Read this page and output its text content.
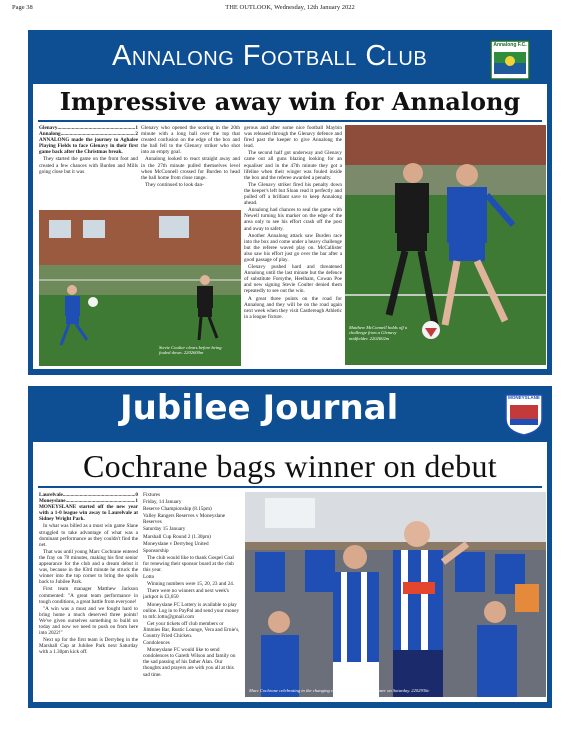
Page 38	THE OUTLOOK, Wednesday, 12th January 2022
Annalong Football Club	Annalong F.C.
Impressive away win for Annalong
Glenavy .....	1
Annalong .....	2

ANNALONG made the journey to Aghalee Playing Fields to face Glenavy in their first game back after the Christmas break.

They started the game on the front foot and created a few chances with Burden and Mills going close but it was

Glenavy who opened the scoring in the 20th minute with a long ball over the top that created confusion on the edge of the box and the ball fell to the Glenavy striker who shot into an empty goal.

Annalong looked to react straight away and in the 27th minute pulled themselves level when McConnell crossed for Burden to head the ball home from close range.

They continued to look dan-

gerous and after some nice football Maybin was released through the Glenavy defence and fired past the keeper to give Annalong the lead.

The second half got underway and Glenavy came out all guns blazing looking for an equaliser and in the 47th minute they got a lifeline when their winger was fouled inside the box and the referee awarded a penalty.

The Glenavy striker fired his penalty down the keeper's left but Sloan read it perfectly and pulled off a brilliant save to keep Annalong ahead.

Annalong had chances to seal the game with Newell turning his marker on the edge of the area only to see his effort crash off the post and away to safety.

Another Annalong attack saw Burden race into the box and come under a heavy challenge but the referee waved play on. McCallister also saw his effort just go over the bar after a good passage of play.

Glenavy pushed hard and threatened Annalong until the last minute but the defence of substitute Forsythe, Heelham, Cowan Poe and new signing Stevie Coulter denied them repeatedly to see out the win.

A great three points on the road for Annalong and they will be on the road again next week when they visit Castlereagh Athletic in a league fixture.

Stevie Coulter clears before being fouled down. 2202600m
Matthew McConnell holds off a challenge from a Glenavy midfielder. 2202602m
Jubilee Journal	MONEYSLANE
JUBILEE
Cochrane bags winner on debut
Laurelvale .....	0
Moneyslane .....	1

MONEYSLANE started off the new year with a 1-0 league win away to Laurelvale at Sidney Wright Park.

In what was billed as a must win game Slane struggled to take advantage of what was a dominant performance as they couldn't find the net.

That was until young Marc Cochrane entered the fray on 78 minutes, making his first senior appearance for the club and a dream debut it was, because in the 83rd minute he struck the winner into the top corner to bring the spoils back to Jubilee Park.

First team manager Matthew Jackson commented: "A great team performance in tough conditions, a great battle from everyone!

"A win was a must and we fought hard to bring home a much deserved three points! We've given ourselves something to build on today and now we need to push on from here into 2022!"

Next up for the first team is Derrybeg in the Marshall Cup at Jubilee Park next Saturday with a 1.30pm kick off.

Fixtures

Friday, 14 January

Reserve Championship (8.15pm)

Valley Rangers Reserves v Moneyslane Reserves

Saturday 15 January

Marshall Cup Round 2 (1.30pm)

Moneyslane v Derrybeg United

Sponsorship

The club would like to thank Gospel Coal for renewing their sponsor board at the club this year.

Lotto

Winning numbers were 15, 20, 23 and 24.

There were no winners and next week's jackpot is £3,650

Moneyslane FC Lottery is available to play online. Log in to PayPal and send your money to mfc.lotto@gmail.com

Get your tickets off club members or Jimmies Bar, Rustic Lounge, Vera and Ernie's, Country Fried Chicken.

Condolences

Moneyslane FC would like to send condolences to Gareth Wilson and family on the sad passing of his father Alan. Our thoughts and prayers are with you all at this sad time.

Marc Cochrane celebrating in the changing room after scoring the winner on Saturday. 2202936c
